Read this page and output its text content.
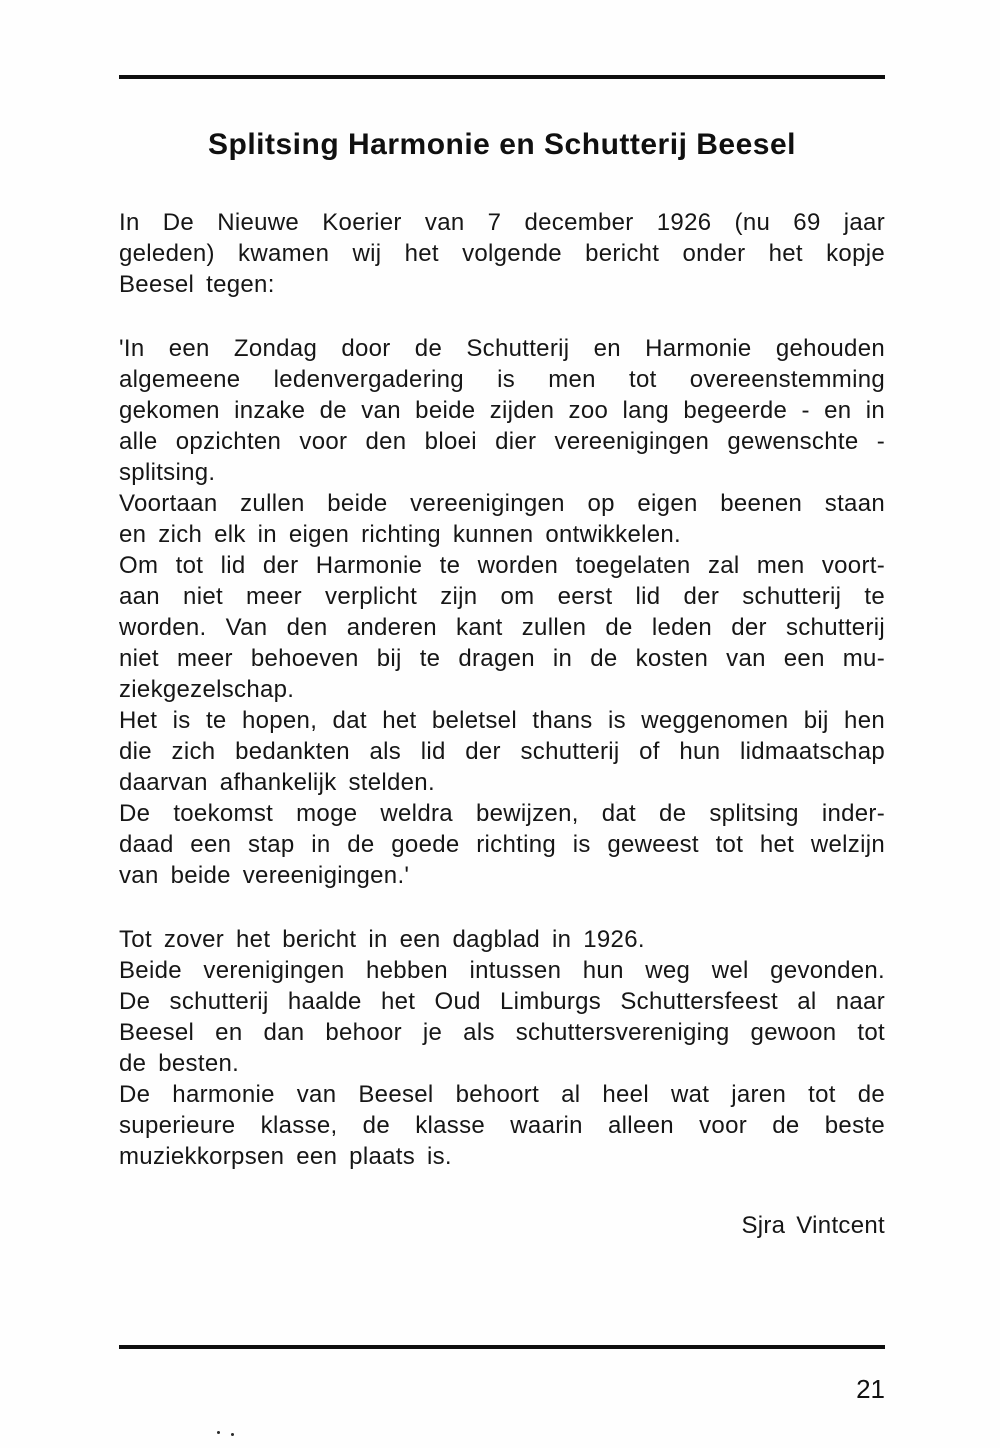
Splitsing Harmonie en Schutterij Beesel
In De Nieuwe Koerier van 7 december 1926 (nu 69 jaar
geleden) kwamen wij het volgende bericht onder het kopje
Beesel tegen:
'In een Zondag door de Schutterij en Harmonie gehouden
algemeene ledenvergadering is men tot overeenstemming
gekomen inzake de van beide zijden zoo lang begeerde - en in
alle opzichten voor den bloei dier vereenigingen gewenschte -
splitsing.
Voortaan zullen beide vereenigingen op eigen beenen staan
en zich elk in eigen richting kunnen ontwikkelen.
Om tot lid der Harmonie te worden toegelaten zal men voort-
aan niet meer verplicht zijn om eerst lid der schutterij te
worden. Van den anderen kant zullen de leden der schutterij
niet meer behoeven bij te dragen in de kosten van een mu-
ziekgezelschap.
Het is te hopen, dat het beletsel thans is weggenomen bij hen
die zich bedankten als lid der schutterij of hun lidmaatschap
daarvan afhankelijk stelden.
De toekomst moge weldra bewijzen, dat de splitsing inder-
daad een stap in de goede richting is geweest tot het welzijn
van beide vereenigingen.'
Tot zover het bericht in een dagblad in 1926.
Beide verenigingen hebben intussen hun weg wel gevonden.
De schutterij haalde het Oud Limburgs Schuttersfeest al naar
Beesel en dan behoor je als schuttersvereniging gewoon tot
de besten.
De harmonie van Beesel behoort al heel wat jaren tot de
superieure klasse, de klasse waarin alleen voor de beste
muziekkorpsen een plaats is.
Sjra Vintcent
21
